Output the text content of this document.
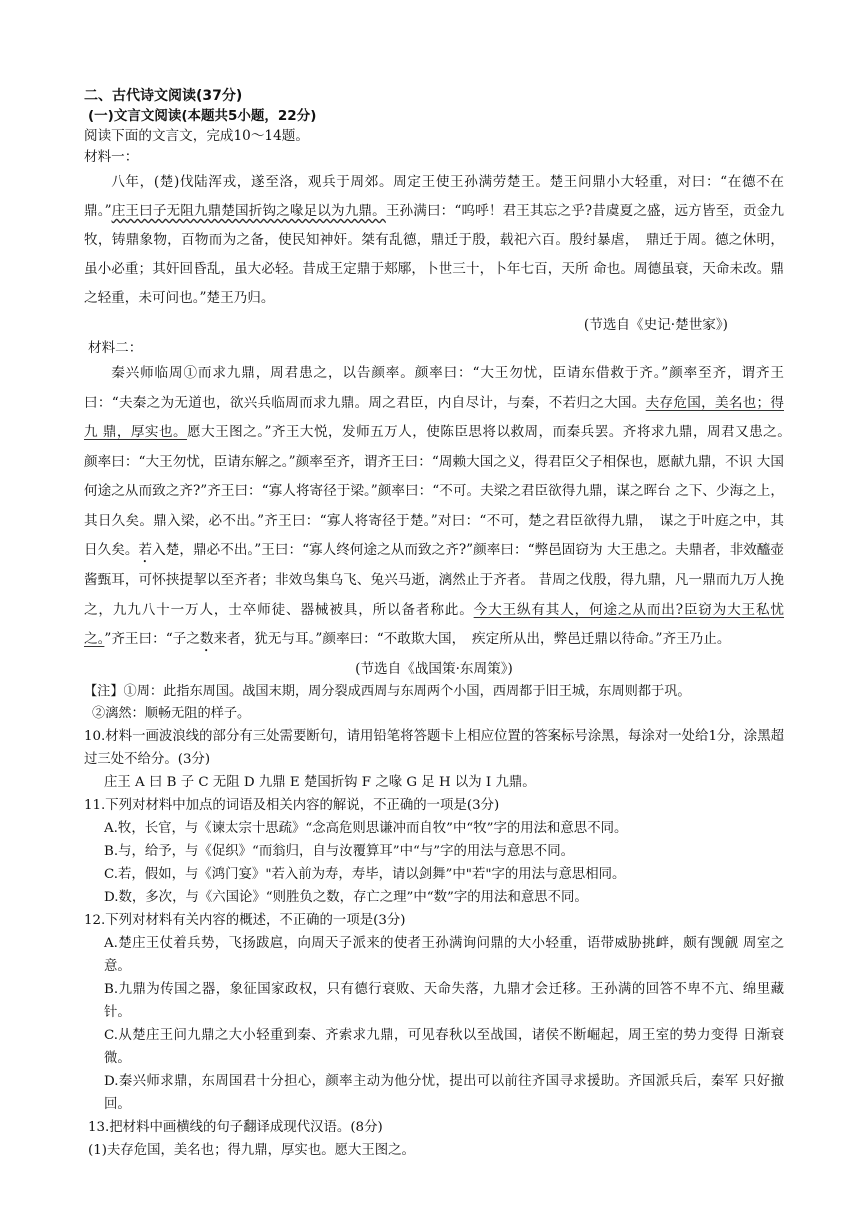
二、古代诗文阅读(37分)
(一)文言文阅读(本题共5小题，22分)
阅读下面的文言文，完成10～14题。
材料一：

八年，(楚)伐陆浑戎，遂至洛，观兵于周郊。周定王使王孙满劳楚王。楚王问鼎小大轻重，对曰：“在德不在鼎。”庄王曰子无阻九鼎楚国折钩之喙足以为九鼎。王孙满曰：“呜呼！君王其忘之乎?昔虞夏之盛，远方皆至，贡金九牧，铸鼎象物，百物而为之备，使民知神奸。桀有乱德，鼎迁于殷，载祀六百。殷纣暴虐，　鼎迁于周。德之休明，虽小必重；其奸回昏乱，虽大必轻。昔成王定鼎于郏鄏，卜世三十，卜年七百，天所 命也。周德虽衰，天命未改。鼎之轻重，未可问也。”楚王乃归。

(节选自《史记·楚世家》)
材料二：

秦兴师临周①而求九鼎，周君患之，以告颜率。颜率曰：“大王勿忧，臣请东借救于齐。”颜率至齐，谓齐王曰：“夫秦之为无道也，欲兴兵临周而求九鼎。周之君臣，内自尽计，与秦，不若归之大国。夫存危国，美名也；得九 鼎，厚实也。愿大王图之。”齐王大悦，发师五万人，使陈臣思将以救周，而秦兵罢。齐将求九鼎，周君又患之。　颜率曰：“大王勿忧，臣请东解之。”颜率至齐，谓齐王曰：“周赖大国之义，得君臣父子相保也，愿献九鼎，不识 大国何途之从而致之齐?”齐王曰：“寡人将寄径于梁。”颜率曰：“不可。夫梁之君臣欲得九鼎，谋之晖台 之下、少海之上，其日久矣。鼎入梁，必不出。”齐王曰：“寡人将寄径于楚。”对曰：“不可，楚之君臣欲得九鼎，　谋之于叶庭之中，其日久矣。若入楚，鼎必不出。”王曰：“寡人终何途之从而致之齐?”颜率曰：“弊邑固窃为 大王患之。夫鼎者，非效醯壶酱甄耳，可怀挟提挈以至齐者；非效鸟集乌飞、兔兴马逝，漓然止于齐者。 昔周之伐殷，得九鼎，凡一鼎而九万人挽之，九九八十一万人，士卒师徒、器械被具，所以备者称此。今大王纵有其人，何途之从而出?臣窃为大王私忧之。”齐王曰：“子之数来者，犹无与耳。”颜率曰：“不敢欺大国，　疾定所从出，弊邑迁鼎以待命。”齐王乃止。

(节选自《战国策·东周策》)
【注】①周：此指东周国。战国末期，周分裂成西周与东周两个小国，西周都于旧王城，东周则都于巩。
②漓然：顺畅无阻的样子。
10.材料一画波浪线的部分有三处需要断句，请用铅笔将答题卡上相应位置的答案标号涂黑，每涂对一处给1分，涂黑超过三处不给分。(3分)
庄王 A 曰 B 子 C 无阻 D 九鼎 E 楚国折钩 F 之喙 G 足 H 以为 I 九鼎。
11.下列对材料中加点的词语及相关内容的解说，不正确的一项是(3分)
A.牧，长官，与《谏太宗十思疏》“念高危则思谦冲而自牧”中“牧”字的用法和意思不同。
B.与，给予，与《促织》“而翁归，自与汝覆算耳”中“与”字的用法与意思不同。
C.若，假如，与《鸿门宴》"若入前为寿，寿毕，请以剑舞”中"若"字的用法与意思相同。
D.数，多次，与《六国论》“则胜负之数，存亡之理”中“数”字的用法和意思不同。
12.下列对材料有关内容的概述，不正确的一项是(3分)
A.楚庄王仗着兵势，飞扬跋扈，向周天子派来的使者王孙满询问鼎的大小轻重，语带威胁挑衅，颇有觊觎 周室之意。
B.九鼎为传国之器，象征国家政权，只有德行衰败、天命失落，九鼎才会迁移。王孙满的回答不卑不亢、绵里藏针。
C.从楚庄王问九鼎之大小轻重到秦、齐索求九鼎，可见春秋以至战国，诸侯不断崛起，周王室的势力变得 日渐衰微。
D.秦兴师求鼎，东周国君十分担心，颜率主动为他分忧，提出可以前往齐国寻求援助。齐国派兵后，秦军 只好撤回。
13.把材料中画横线的句子翻译成现代汉语。(8分)
(1)夫存危国，美名也；得九鼎，厚实也。愿大王图之。
